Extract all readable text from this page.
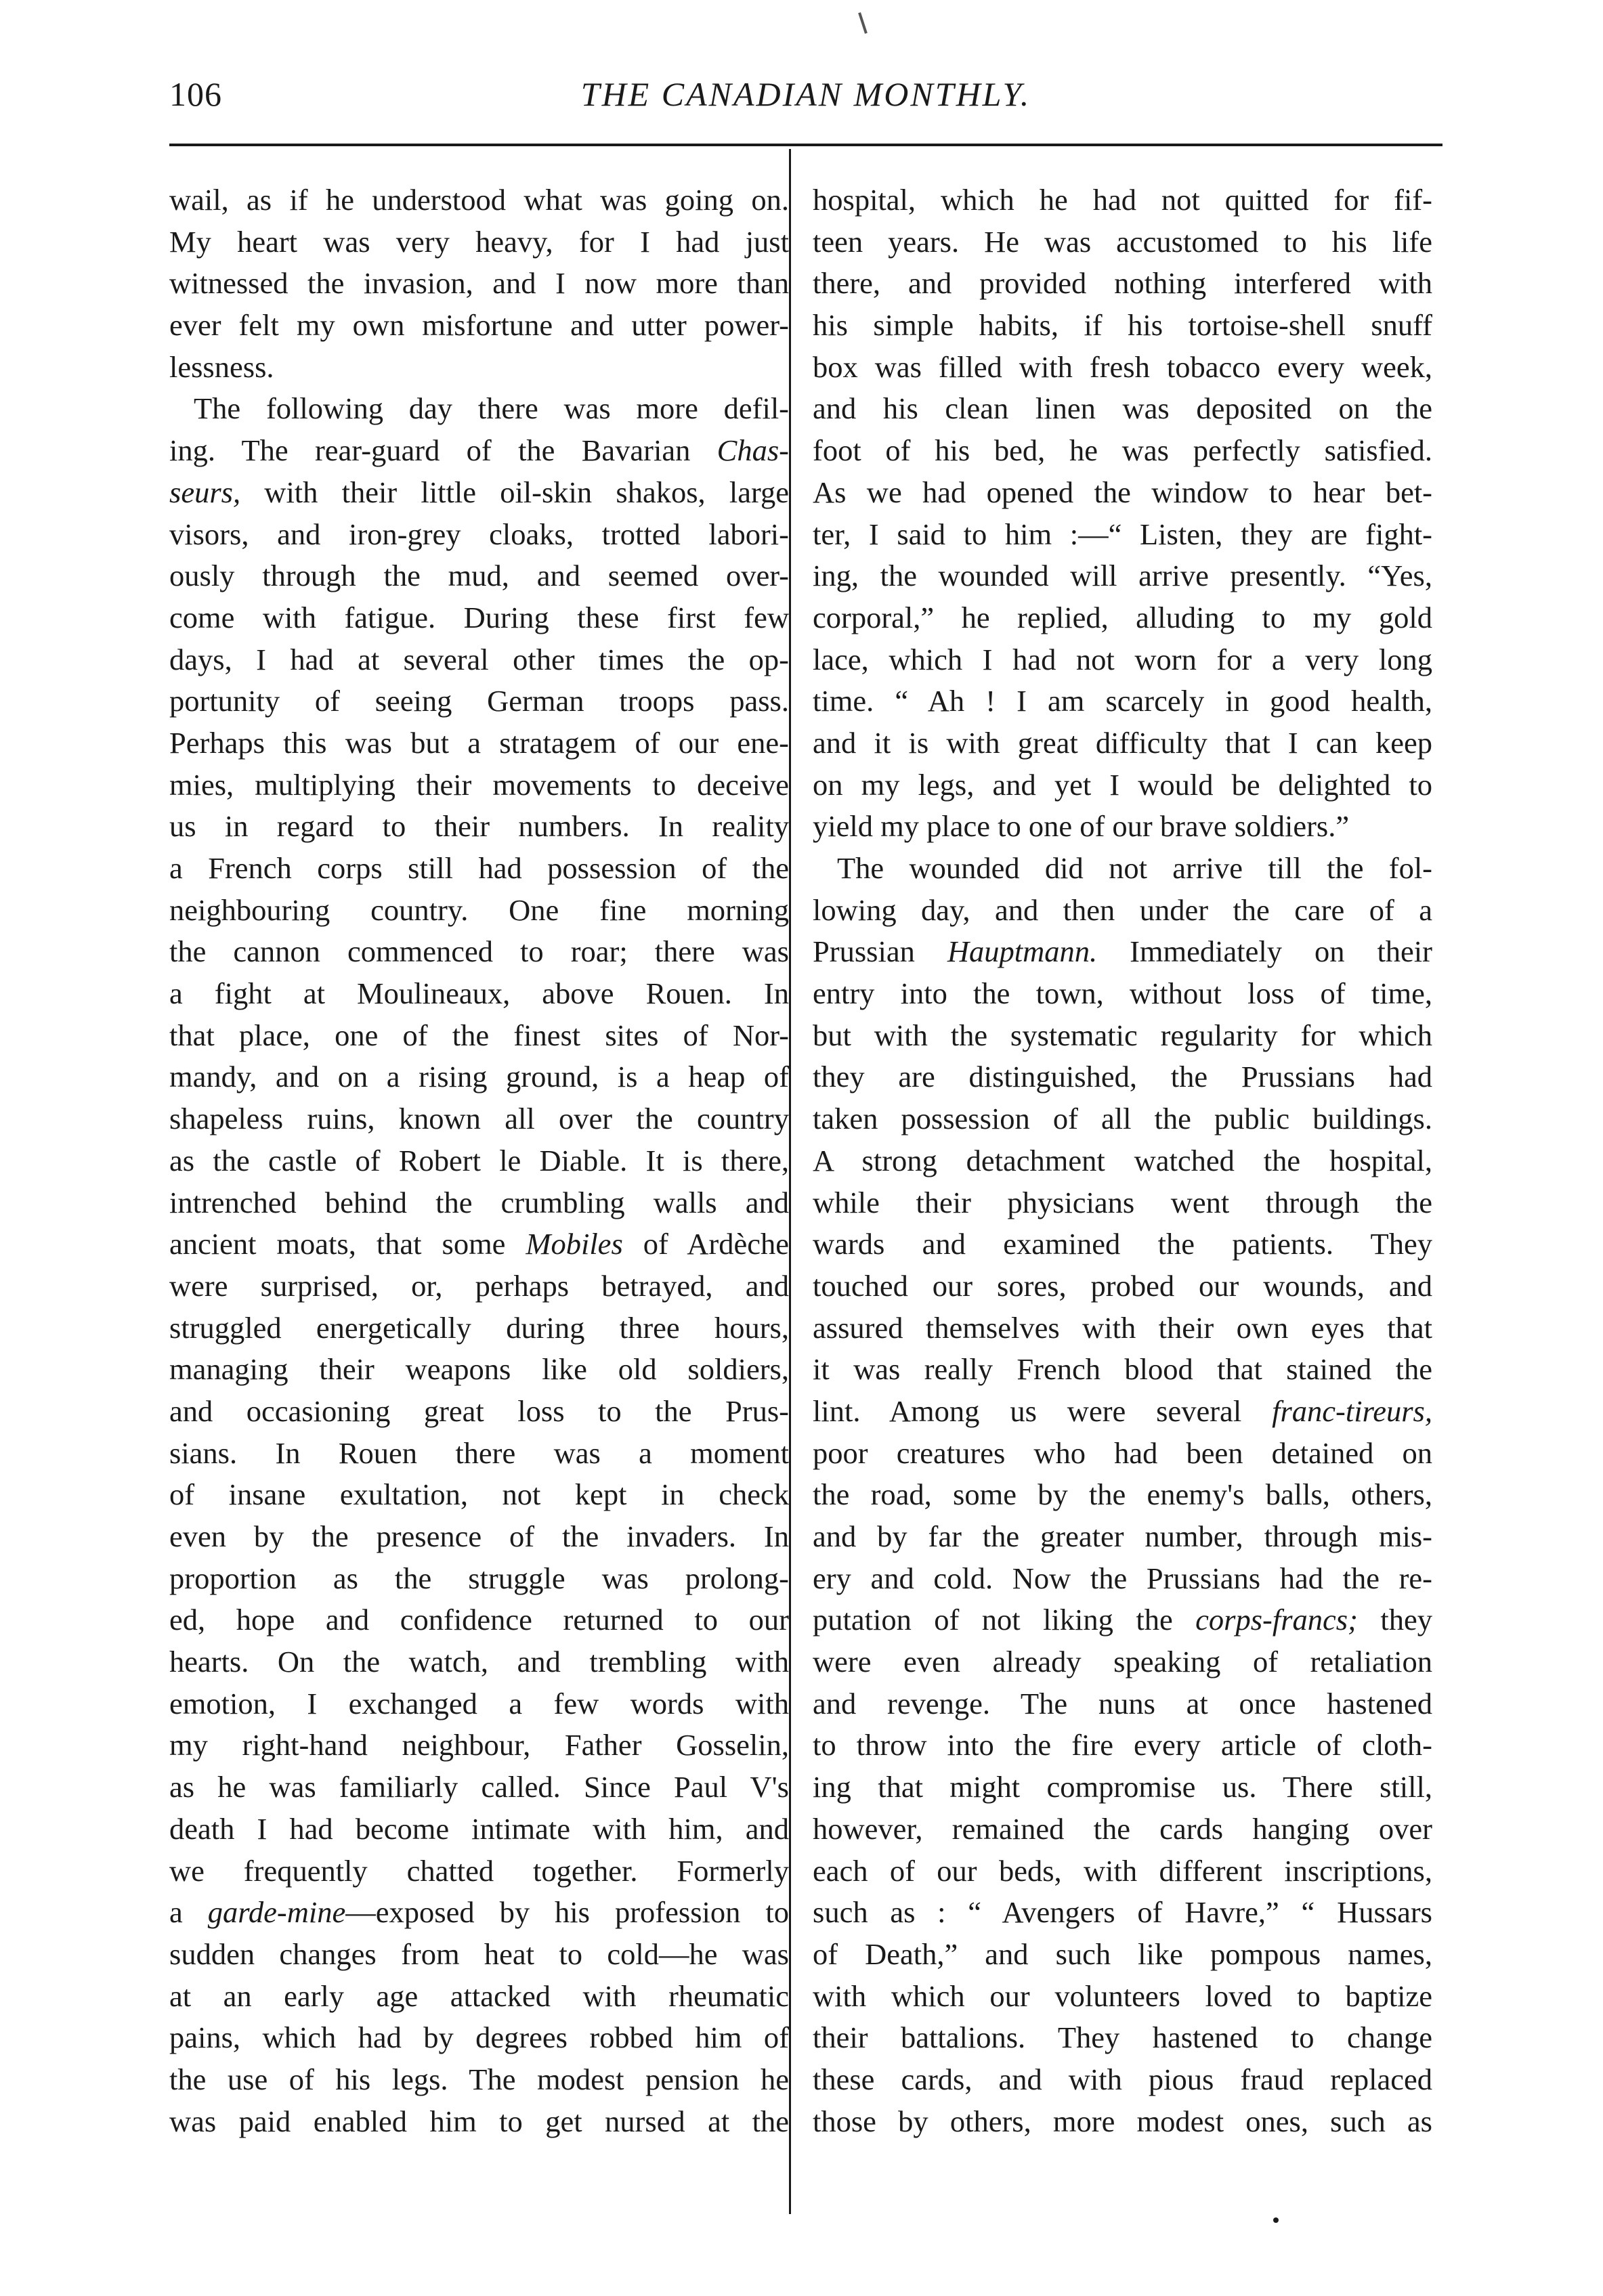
106	THE CANADIAN MONTHLY.
wail, as if he understood what was going on.
My heart was very heavy, for I had just
witnessed the invasion, and I now more than
ever felt my own misfortune and utter power-
lessness.
The following day there was more defil-
ing. The rear-guard of the Bavarian Chas-
seurs, with their little oil-skin shakos, large
visors, and iron-grey cloaks, trotted labori-
ously through the mud, and seemed over-
come with fatigue. During these first few
days, I had at several other times the op-
portunity of seeing German troops pass.
Perhaps this was but a stratagem of our ene-
mies, multiplying their movements to deceive
us in regard to their numbers. In reality
a French corps still had possession of the
neighbouring country. One fine morning
the cannon commenced to roar; there was
a fight at Moulineaux, above Rouen. In
that place, one of the finest sites of Nor-
mandy, and on a rising ground, is a heap of
shapeless ruins, known all over the country
as the castle of Robert le Diable. It is there,
intrenched behind the crumbling walls and
ancient moats, that some Mobiles of Ardèche
were surprised, or, perhaps betrayed, and
struggled energetically during three hours,
managing their weapons like old soldiers,
and occasioning great loss to the Prus-
sians. In Rouen there was a moment
of insane exultation, not kept in check
even by the presence of the invaders. In
proportion as the struggle was prolong-
ed, hope and confidence returned to our
hearts. On the watch, and trembling with
emotion, I exchanged a few words with
my right-hand neighbour, Father Gosselin,
as he was familiarly called. Since Paul V's
death I had become intimate with him, and
we frequently chatted together. Formerly
a garde-mine—exposed by his profession to
sudden changes from heat to cold—he was
at an early age attacked with rheumatic
pains, which had by degrees robbed him of
the use of his legs. The modest pension he
was paid enabled him to get nursed at the
hospital, which he had not quitted for fif-
teen years. He was accustomed to his life
there, and provided nothing interfered with
his simple habits, if his tortoise-shell snuff
box was filled with fresh tobacco every week,
and his clean linen was deposited on the
foot of his bed, he was perfectly satisfied.
As we had opened the window to hear bet-
ter, I said to him :—“ Listen, they are fight-
ing, the wounded will arrive presently. “Yes,
corporal,” he replied, alluding to my gold
lace, which I had not worn for a very long
time. “ Ah ! I am scarcely in good health,
and it is with great difficulty that I can keep
on my legs, and yet I would be delighted to
yield my place to one of our brave soldiers.”
The wounded did not arrive till the fol-
lowing day, and then under the care of a
Prussian Hauptmann. Immediately on their
entry into the town, without loss of time,
but with the systematic regularity for which
they are distinguished, the Prussians had
taken possession of all the public buildings.
A strong detachment watched the hospital,
while their physicians went through the
wards and examined the patients. They
touched our sores, probed our wounds, and
assured themselves with their own eyes that
it was really French blood that stained the
lint. Among us were several franc-tireurs,
poor creatures who had been detained on
the road, some by the enemy's balls, others,
and by far the greater number, through mis-
ery and cold. Now the Prussians had the re-
putation of not liking the corps-francs; they
were even already speaking of retaliation
and revenge. The nuns at once hastened
to throw into the fire every article of cloth-
ing that might compromise us. There still,
however, remained the cards hanging over
each of our beds, with different inscriptions,
such as : “ Avengers of Havre,” “ Hussars
of Death,” and such like pompous names,
with which our volunteers loved to baptize
their battalions. They hastened to change
these cards, and with pious fraud replaced
those by others, more modest ones, such as
